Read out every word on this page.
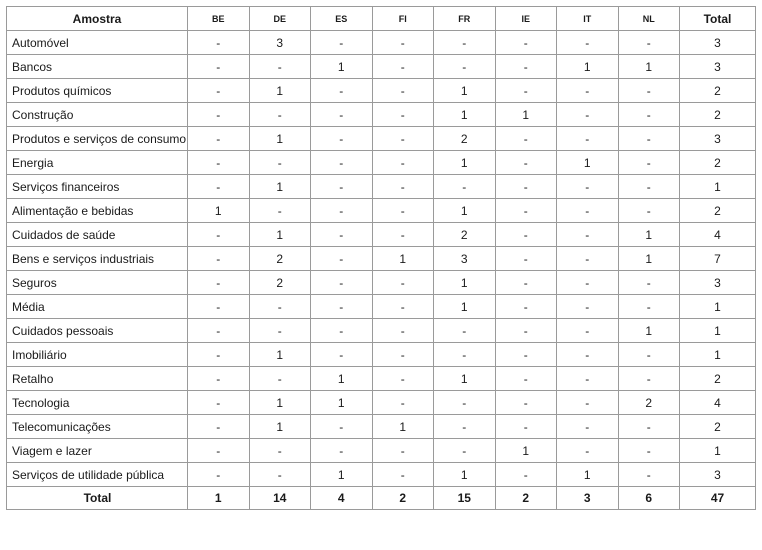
Amostra	BE	DE	ES	FI	FR	IE	IT	NL	Total
Automóvel	-	3	-	-	-	-	-	-	3
Bancos	-	-	1	-	-	-	1	1	3
Produtos químicos	-	1	-	-	1	-	-	-	2
Construção	-	-	-	-	1	1	-	-	2
Produtos e serviços de consumo	-	1	-	-	2	-	-	-	3
Energia	-	-	-	-	1	-	1	-	2
Serviços financeiros	-	1	-	-	-	-	-	-	1
Alimentação e bebidas	1	-	-	-	1	-	-	-	2
Cuidados de saúde	-	1	-	-	2	-	-	1	4
Bens e serviços industriais	-	2	-	1	3	-	-	1	7
Seguros	-	2	-	-	1	-	-	-	3
Média	-	-	-	-	1	-	-	-	1
Cuidados pessoais	-	-	-	-	-	-	-	1	1
Imobiliário	-	1	-	-	-	-	-	-	1
Retalho	-	-	1	-	1	-	-	-	2
Tecnologia	-	1	1	-	-	-	-	2	4
Telecomunicações	-	1	-	1	-	-	-	-	2
Viagem e lazer	-	-	-	-	-	1	-	-	1
Serviços de utilidade pública	-	-	1	-	1	-	1	-	3
Total	1	14	4	2	15	2	3	6	47
